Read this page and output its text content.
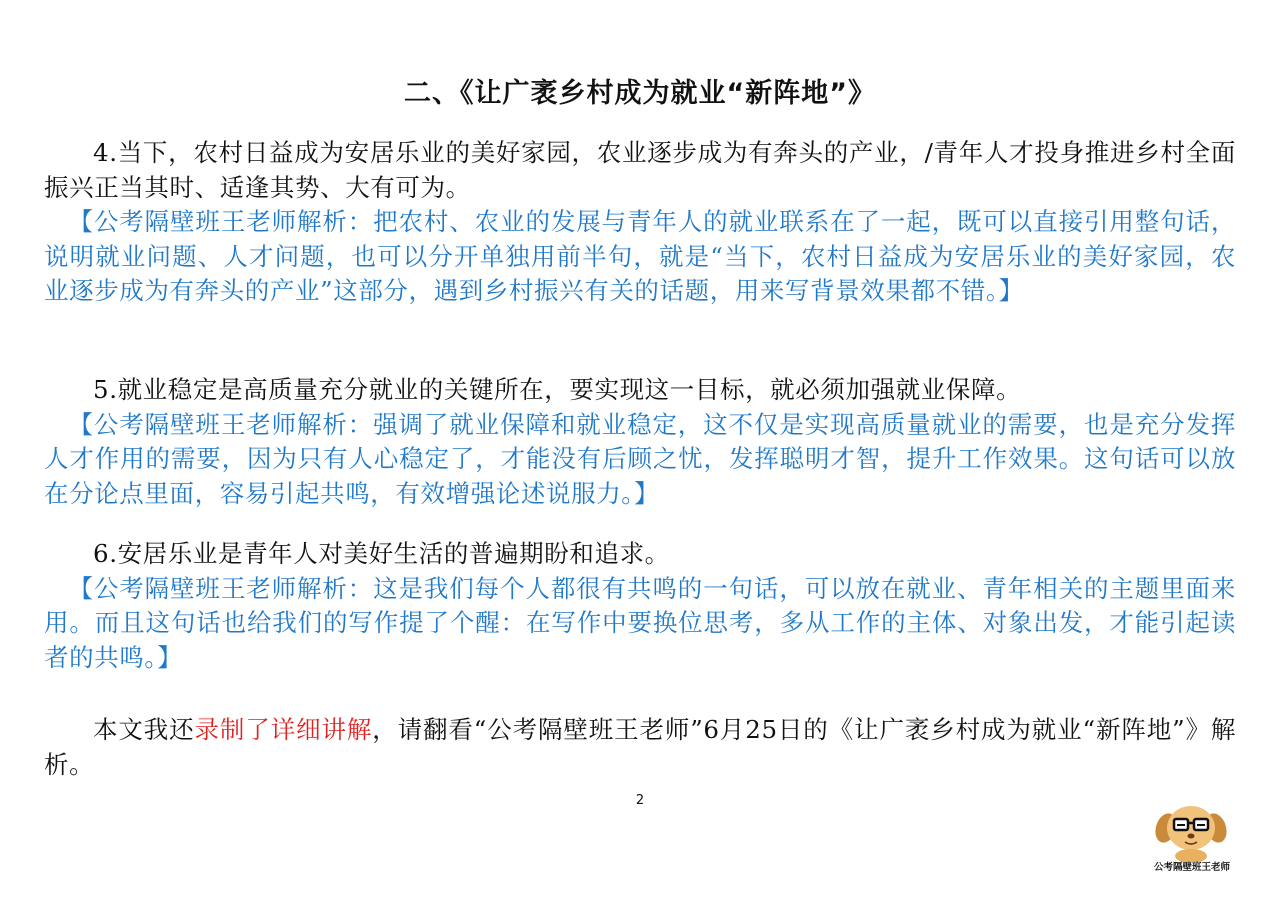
二、《让广袤乡村成为就业“新阵地”》

4.当下，农村日益成为安居乐业的美好家园，农业逐步成为有奔头的产业，/青年人才投身推进乡村全面振兴正当其时、适逢其势、大有可为。

【公考隔壁班王老师解析：把农村、农业的发展与青年人的就业联系在了一起，既可以直接引用整句话，说明就业问题、人才问题，也可以分开单独用前半句，就是“当下，农村日益成为安居乐业的美好家园，农业逐步成为有奔头的产业”这部分，遇到乡村振兴有关的话题，用来写背景效果都不错。】

5.就业稳定是高质量充分就业的关键所在，要实现这一目标，就必须加强就业保障。

【公考隔壁班王老师解析：强调了就业保障和就业稳定，这不仅是实现高质量就业的需要，也是充分发挥人才作用的需要，因为只有人心稳定了，才能没有后顾之忧，发挥聪明才智，提升工作效果。这句话可以放在分论点里面，容易引起共鸣，有效增强论述说服力。】

6.安居乐业是青年人对美好生活的普遍期盼和追求。

【公考隔壁班王老师解析：这是我们每个人都很有共鸣的一句话，可以放在就业、青年相关的主题里面来用。而且这句话也给我们的写作提了个醒：在写作中要换位思考，多从工作的主体、对象出发，才能引起读者的共鸣。】

本文我还录制了详细讲解，请翻看“公考隔壁班王老师”6月25日的《让广袤乡村成为就业“新阵地”》解析。

2
公考隔壁班王老师
